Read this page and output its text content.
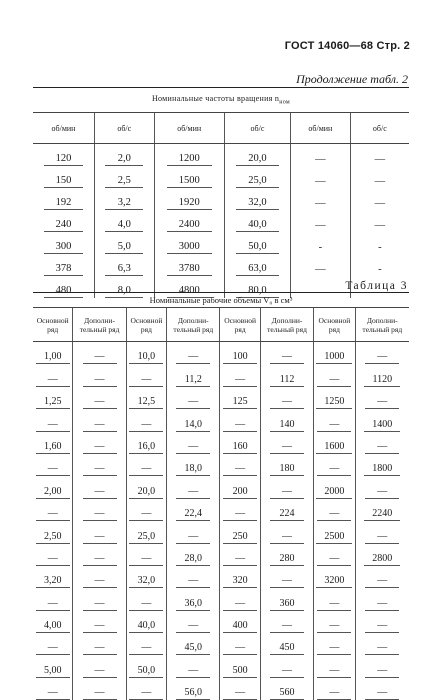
ГОСТ 14060—68 Стр. 2
Продолжение табл. 2
Номинальные частоты вращения $n_{ном}$
об/мин	об/с	об/мин	об/с	об/мин	об/с
120	2,0	1200	20,0	—	—
150	2,5	1500	25,0	—	—
192	3,2	1920	32,0	—	—
240	4,0	2400	40,0	—	—
300	5,0	3000	50,0	-	-
378	6,3	3780	63,0	—	-
480	8,0	4800	80,0			Таблица 3
Номинальные рабочие объемы V₀ в см³							
Основной ряд	Дополни-тельный ряд	Основной ряд	Дополни-тельный ряд	Основной ряд	Дополни-тельный ряд	Основной ряд	Дополни-тельный ряд
1,00	—	10,0	—	100	—	1000	—
—	—	—	11,2	—	112	—	1120
1,25	—	12,5	—	125	—	1250	—
—	—	—	14,0	—	140	—	1400
1,60	—	16,0	—	160	—	1600	—
—	—	—	18,0	—	180	—	1800
2,00	—	20,0	—	200	—	2000	—
—	—	—	22,4	—	224	—	2240
2,50	—	25,0	—	250	—	2500	—
—	—	—	28,0	—	280	—	2800
3,20	—	32,0	—	320	—	3200	—
—	—	—	36,0	—	360	—	—
4,00	—	40,0	—	400	—	—	—
—	—	—	45,0	—	450	—	—
5,00	—	50,0	—	500	—	—	—
—	—	—	56,0	—	560	—	—
